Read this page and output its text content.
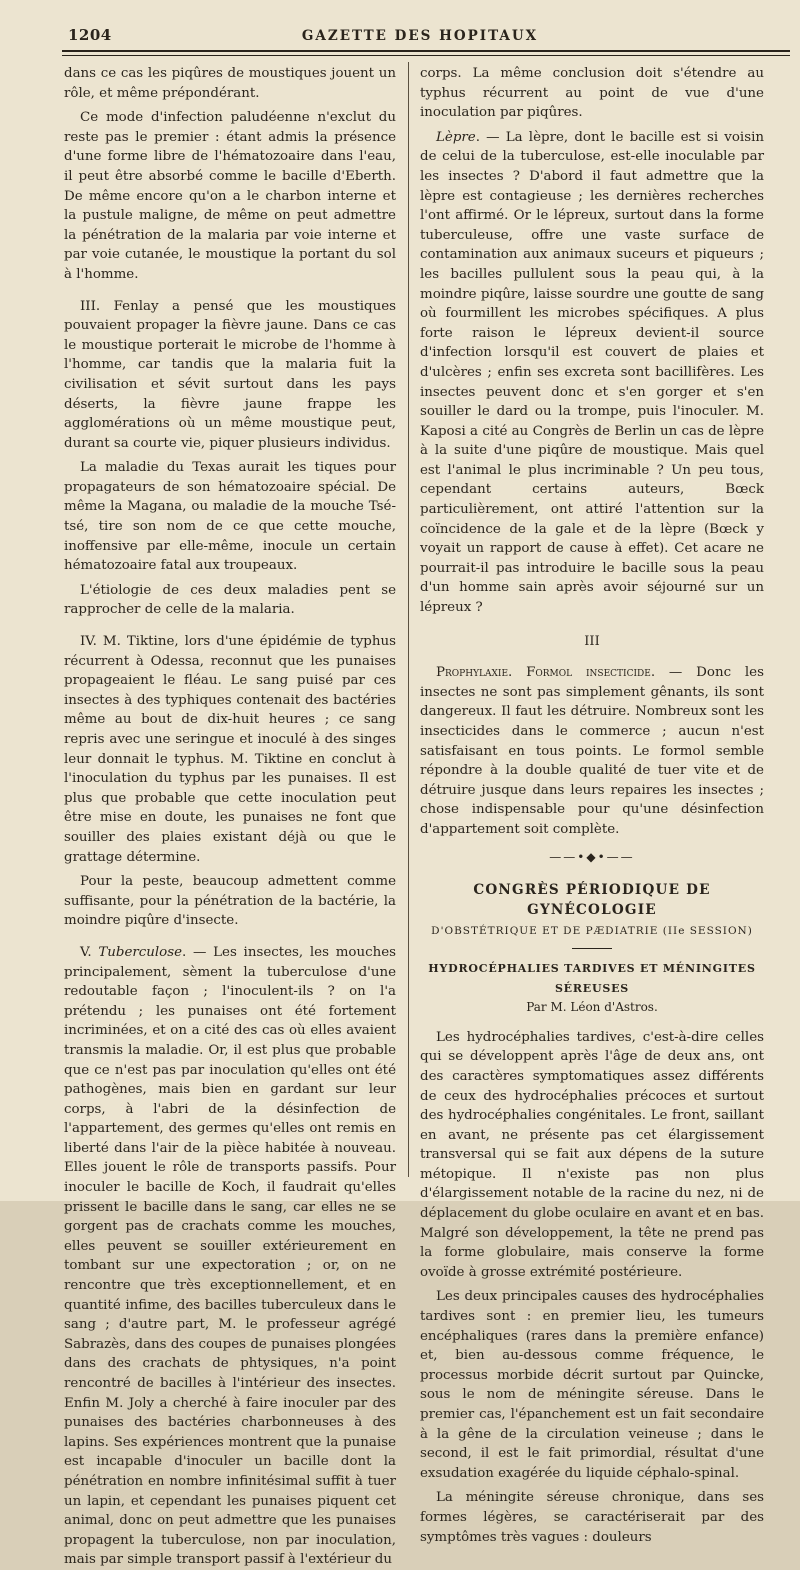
1204	GAZETTE DES HOPITAUX

dans ce cas les piqûres de moustiques jouent un rôle, et même prépondérant.

Ce mode d'infection paludéenne n'exclut du reste pas le premier : étant admis la présence d'une forme libre de l'hématozoaire dans l'eau, il peut être absorbé comme le bacille d'Eberth. De même encore qu'on a le charbon interne et la pustule maligne, de même on peut admettre la pénétration de la malaria par voie interne et par voie cutanée, le moustique la portant du sol à l'homme.

III. Fenlay a pensé que les moustiques pouvaient propager la fièvre jaune. Dans ce cas le moustique porterait le microbe de l'homme à l'homme, car tandis que la malaria fuit la civilisation et sévit surtout dans les pays déserts, la fièvre jaune frappe les agglomérations où un même moustique peut, durant sa courte vie, piquer plusieurs individus.

La maladie du Texas aurait les tiques pour propagateurs de son hématozoaire spécial. De même la Magana, ou maladie de la mouche Tsé-tsé, tire son nom de ce que cette mouche, inoffensive par elle-même, inocule un certain hématozoaire fatal aux troupeaux.

L'étiologie de ces deux maladies pent se rapprocher de celle de la malaria.

IV. M. Tiktine, lors d'une épidémie de typhus récurrent à Odessa, reconnut que les punaises propageaient le fléau. Le sang puisé par ces insectes à des typhiques contenait des bactéries même au bout de dix-huit heures ; ce sang repris avec une seringue et inoculé à des singes leur donnait le typhus. M. Tiktine en conclut à l'inoculation du typhus par les punaises. Il est plus que probable que cette inoculation peut être mise en doute, les punaises ne font que souiller des plaies existant déjà ou que le grattage détermine.

Pour la peste, beaucoup admettent comme suffisante, pour la pénétration de la bactérie, la moindre piqûre d'insecte.

V. Tuberculose. — Les insectes, les mouches principalement, sèment la tuberculose d'une redoutable façon ; l'inoculent-ils ? on l'a prétendu ; les punaises ont été fortement incriminées, et on a cité des cas où elles avaient transmis la maladie. Or, il est plus que probable que ce n'est pas par inoculation qu'elles ont été pathogènes, mais bien en gardant sur leur corps, à l'abri de la désinfection de l'appartement, des germes qu'elles ont remis en liberté dans l'air de la pièce habitée à nouveau. Elles jouent le rôle de transports passifs. Pour inoculer le bacille de Koch, il faudrait qu'elles prissent le bacille dans le sang, car elles ne se gorgent pas de crachats comme les mouches, elles peuvent se souiller extérieurement en tombant sur une expectoration ; or, on ne rencontre que très exceptionnellement, et en quantité infime, des bacilles tuberculeux dans le sang ; d'autre part, M. le professeur agrégé Sabrazès, dans des coupes de punaises plongées dans des crachats de phtysiques, n'a point rencontré de bacilles à l'intérieur des insectes. Enfin M. Joly a cherché à faire inoculer par des punaises des bactéries charbonneuses à des lapins. Ses expériences montrent que la punaise est incapable d'inoculer un bacille dont la pénétration en nombre infinitésimal suffit à tuer un lapin, et cependant les punaises piquent cet animal, donc on peut admettre que les punaises propagent la tuberculose, non par inoculation, mais par simple transport passif à l'extérieur du

corps. La même conclusion doit s'étendre au typhus récurrent au point de vue d'une inoculation par piqûres.

Lèpre. — La lèpre, dont le bacille est si voisin de celui de la tuberculose, est-elle inoculable par les insectes ? D'abord il faut admettre que la lèpre est contagieuse ; les dernières recherches l'ont affirmé. Or le lépreux, surtout dans la forme tuberculeuse, offre une vaste surface de contamination aux animaux suceurs et piqueurs ; les bacilles pullulent sous la peau qui, à la moindre piqûre, laisse sourdre une goutte de sang où fourmillent les microbes spécifiques. A plus forte raison le lépreux devient-il source d'infection lorsqu'il est couvert de plaies et d'ulcères ; enfin ses excreta sont bacillifères. Les insectes peuvent donc et s'en gorger et s'en souiller le dard ou la trompe, puis l'inoculer. M. Kaposi a cité au Congrès de Berlin un cas de lèpre à la suite d'une piqûre de moustique. Mais quel est l'animal le plus incriminable ? Un peu tous, cependant certains auteurs, Bœck particulièrement, ont attiré l'attention sur la coïncidence de la gale et de la lèpre (Bœck y voyait un rapport de cause à effet). Cet acare ne pourrait-il pas introduire le bacille sous la peau d'un homme sain après avoir séjourné sur un lépreux ?

III

Prophylaxie. Formol insecticide. — Donc les insectes ne sont pas simplement gênants, ils sont dangereux. Il faut les détruire. Nombreux sont les insecticides dans le commerce ; aucun n'est satisfaisant en tous points. Le formol semble répondre à la double qualité de tuer vite et de détruire jusque dans leurs repaires les insectes ; chose indispensable pour qu'une désinfection d'appartement soit complète.

——•◆•——
CONGRÈS PÉRIODIQUE DE GYNÉCOLOGIE
D'OBSTÉTRIQUE ET DE PÆDIATRIE (IIe SESSION)
HYDROCÉPHALIES TARDIVES ET MÉNINGITES SÉREUSES
Par M. Léon d'Astros.

Les hydrocéphalies tardives, c'est-à-dire celles qui se développent après l'âge de deux ans, ont des caractères symptomatiques assez différents de ceux des hydrocéphalies précoces et surtout des hydrocéphalies congénitales. Le front, saillant en avant, ne présente pas cet élargissement transversal qui se fait aux dépens de la suture métopique. Il n'existe pas non plus d'élargissement notable de la racine du nez, ni de déplacement du globe oculaire en avant et en bas. Malgré son développement, la tête ne prend pas la forme globulaire, mais conserve la forme ovoïde à grosse extrémité postérieure.

Les deux principales causes des hydrocéphalies tardives sont : en premier lieu, les tumeurs encéphaliques (rares dans la première enfance) et, bien au-dessous comme fréquence, le processus morbide décrit surtout par Quincke, sous le nom de méningite séreuse. Dans le premier cas, l'épanchement est un fait secondaire à la gêne de la circulation veineuse ; dans le second, il est le fait primordial, résultat d'une exsudation exagérée du liquide céphalo-spinal.

La méningite séreuse chronique, dans ses formes légères, se caractériserait par des symptômes très vagues : douleurs
